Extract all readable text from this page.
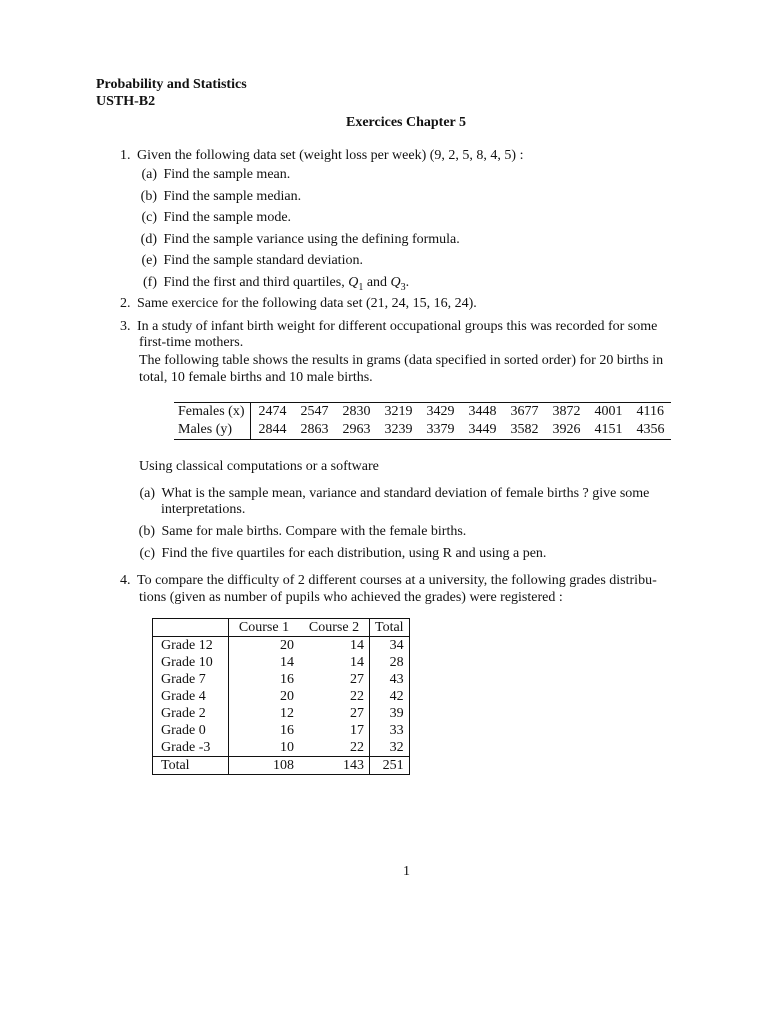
Probability and Statistics
USTH-B2
Exercices Chapter 5
1. Given the following data set (weight loss per week) (9, 2, 5, 8, 4, 5) :
(a) Find the sample mean.
(b) Find the sample median.
(c) Find the sample mode.
(d) Find the sample variance using the defining formula.
(e) Find the sample standard deviation.
(f) Find the first and third quartiles, $Q_1$ and $Q_3$.
2. Same exercice for the following data set (21, 24, 15, 16, 24).
3. In a study of infant birth weight for different occupational groups this was recorded for some
first-time mothers.
The following table shows the results in grams (data specified in sorted order) for 20 births in
total, 10 female births and 10 male births.
Females (x)	2474	2547	2830	3219	3429	3448	3677	3872	4001	4116
Males (y)	2844	2863	2963	3239	3379	3449	3582	3926	4151	4356
Using classical computations or a software
(a) What is the sample mean, variance and standard deviation of female births ? give some
interpretations.
(b) Same for male births. Compare with the female births.
(c) Find the five quartiles for each distribution, using R and using a pen.
4. To compare the difficulty of 2 different courses at a university, the following grades distribu-
tions (given as number of pupils who achieved the grades) were registered :
	Course 1	Course 2	Total
Grade 12	20	14	34
Grade 10	14	14	28
Grade 7	16	27	43
Grade 4	20	22	42
Grade 2	12	27	39
Grade 0	16	17	33
Grade -3	10	22	32
Total	108	143	251
1
